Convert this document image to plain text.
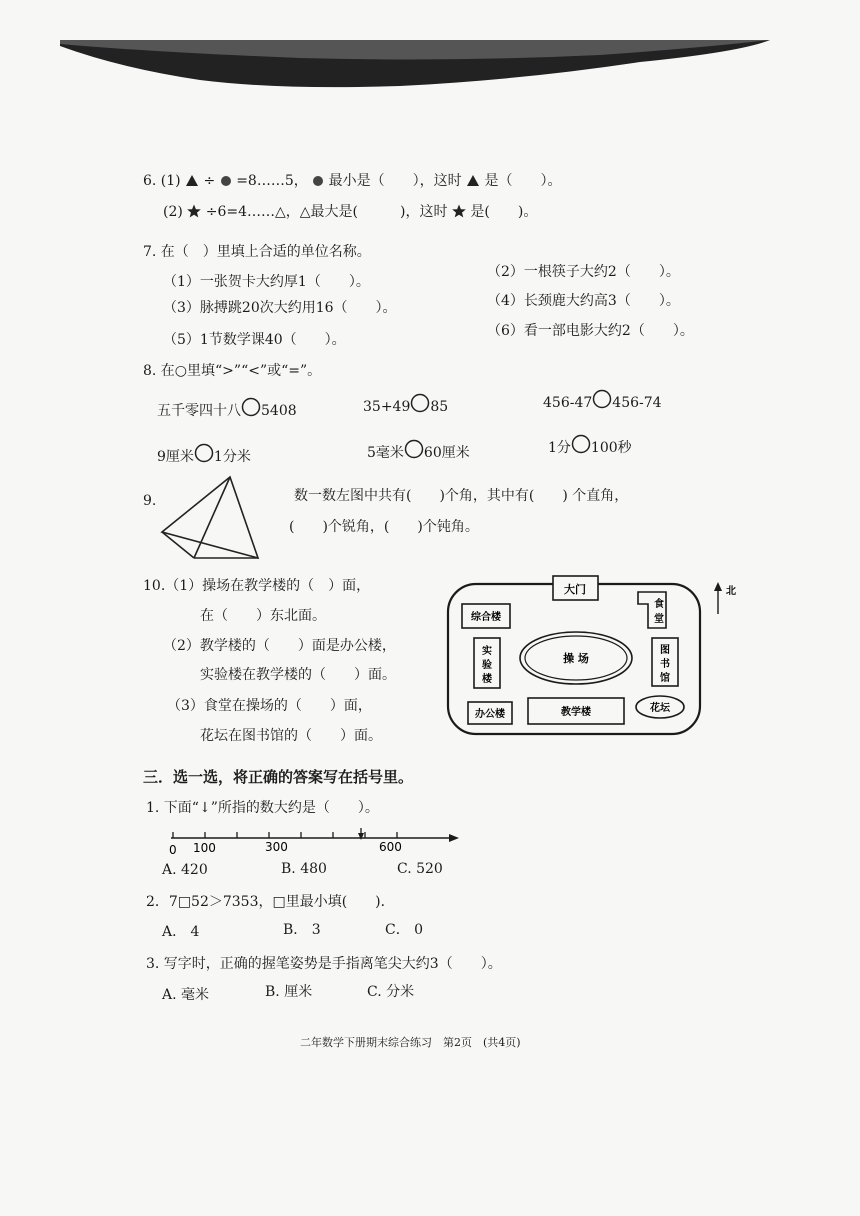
6. (1) ÷ =8……5， 最小是（　　），这时 是（　　）。
(2) ÷6=4……△，△最大是(　　　)，这时 是(　　)。
7. 在（　）里填上合适的单位名称。
（1）一张贺卡大约厚1（　　）。
（2）一根筷子大约2（　　）。
（3）脉搏跳20次大约用16（　　）。	（4）长颈鹿大约高3（　　）。
（5）1节数学课40（　　）。
（6）看一部电影大约2（　　）。
8. 在○里填“>”“<”或“=”。
五千零四十八 5408	35+49 85	456-47 456-74
9厘米 1分米	5毫米 60厘米	1分 100秒
9.	数一数左图中共有(　　)个角，其中有(　　) 个直角，
(　　)个锐角，(　　)个钝角。
10.（1）操场在教学楼的（　）面，
在（　　）东北面。
（2）教学楼的（　　）面是办公楼，
实验楼在教学楼的（　　）面。
（3）食堂在操场的（　　）面，
花坛在图书馆的（　　）面。
大门
综合楼
食
堂
实
验
楼
操 场
图
书
馆
办公楼	教学楼	花坛
北
三．选一选，将正确的答案写在括号里。
1. 下面“↓”所指的数大约是（　　）。
0 100	300	600
A. 420	B. 480	C. 520
2．7□52＞7353，□里最小填(　　)．
A． 4	B． 3	C． 0
3. 写字时，正确的握笔姿势是手指离笔尖大约3（　　）。
A. 毫米	B. 厘米	C. 分米
二年数学下册期末综合练习　第2页　(共4页)
